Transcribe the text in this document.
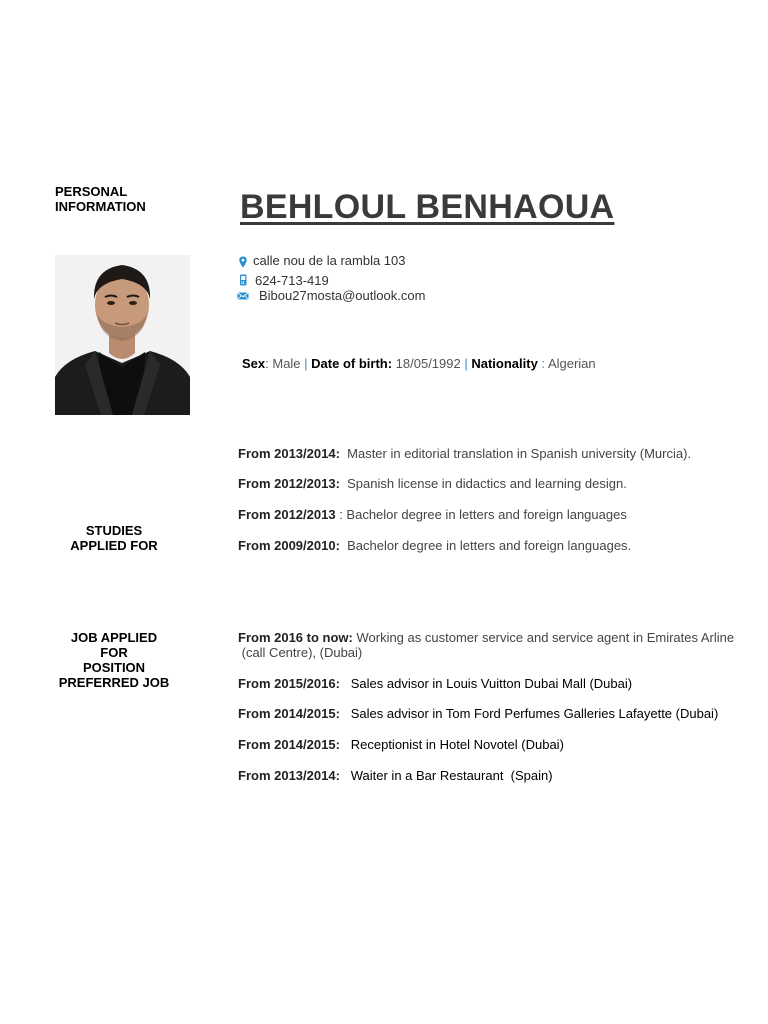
PERSONAL
INFORMATION	BEHLOUL BENHAOUA
calle nou de la rambla 103
624-713-419
Bibou27mosta@outlook.com
Sex: Male | Date of birth: 18/05/1992 | Nationality : Algerian
STUDIES
APPLIED FOR
From 2013/2014:  Master in editorial translation in Spanish university (Murcia).
From 2012/2013:  Spanish license in didactics and learning design.
From 2012/2013 : Bachelor degree in letters and foreign languages
From 2009/2010:  Bachelor degree in letters and foreign languages.
JOB APPLIED
FOR
POSITION
PREFERRED JOB
From 2016 to now: Working as customer service and service agent in Emirates Arline
(call Centre), (Dubai)
From 2015/2016:   Sales advisor in Louis Vuitton Dubai Mall (Dubai)
From 2014/2015:   Sales advisor in Tom Ford Perfumes Galleries Lafayette (Dubai)
From 2014/2015:   Receptionist in Hotel Novotel (Dubai)
From 2013/2014:   Waiter in a Bar Restaurant  (Spain)
